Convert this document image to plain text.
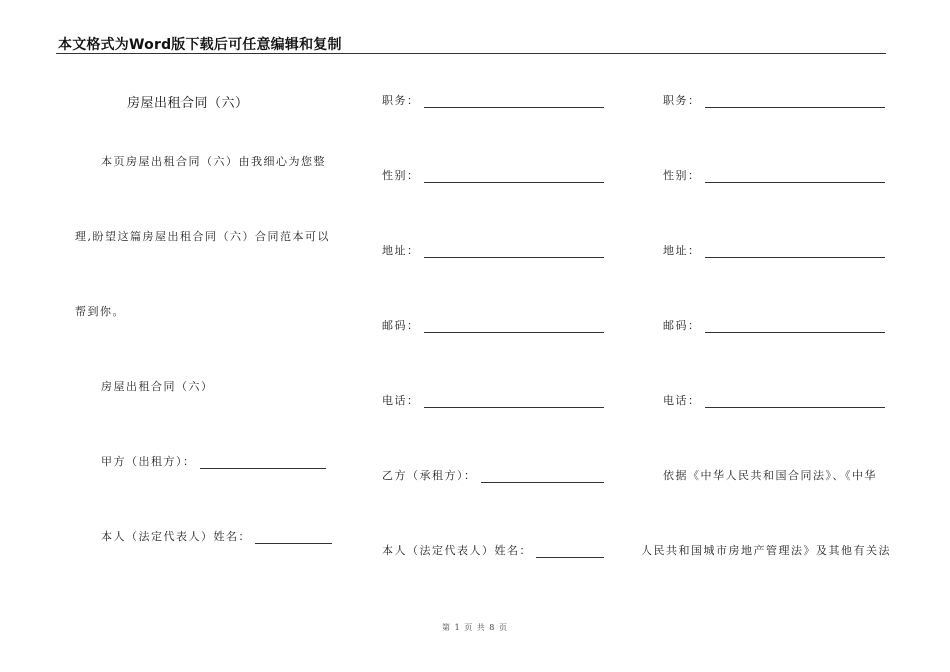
本文格式为Word版下载后可任意编辑和复制
房屋出租合同（六）
本页房屋出租合同（六）由我细心为您整
理,盼望这篇房屋出租合同（六）合同范本可以
帮到你。
房屋出租合同（六）
甲方（出租方）：
本人（法定代表人）姓名：
职务：
性别：
地址：
邮码：
电话：
乙方（承租方）：
本人（法定代表人）姓名：
职务：
性别：
地址：
邮码：
电话：
依据《中华人民共和国合同法》、《中华
人民共和国城市房地产管理法》及其他有关法
第 1 页 共 8 页
